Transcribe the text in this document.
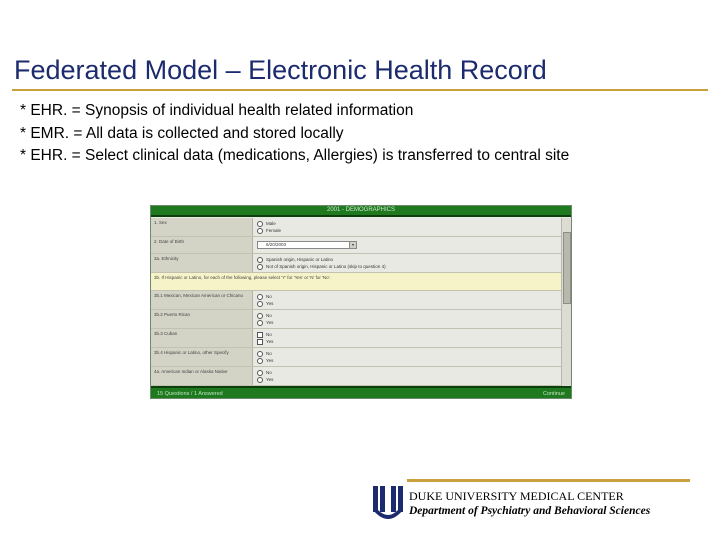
Federated Model – Electronic Health Record
* EHR. = Synopsis of individual health related information
* EMR. = All data is collected and stored locally
* EHR. = Select clinical data (medications, Allergies) is transferred to central site
2001 - DEMOGRAPHICS
1. Sex	Male
Female
2. Date of Birth
6/20/2003	▾
3a. Ethnicity	Spanish origin, Hispanic or Latino
Not of Spanish origin, Hispanic or Latino (skip to question 4)
3b. If Hispanic or Latino, for each of the following, please select 'Y' for 'Yes' or 'N' for 'No'.
3b.1 Mexican, Mexican American or Chicano	No
Yes
3b.2 Puerto Rican	No
Yes
3b.3 Cuban	No
Yes
3b.4 Hispanic or Latino, other Specify	No
Yes
4a. American Indian or Alaska Native	No
Yes
15 Questions / 1 Answered	Continue
DUKE UNIVERSITY MEDICAL CENTER
Department of Psychiatry and Behavioral Sciences
